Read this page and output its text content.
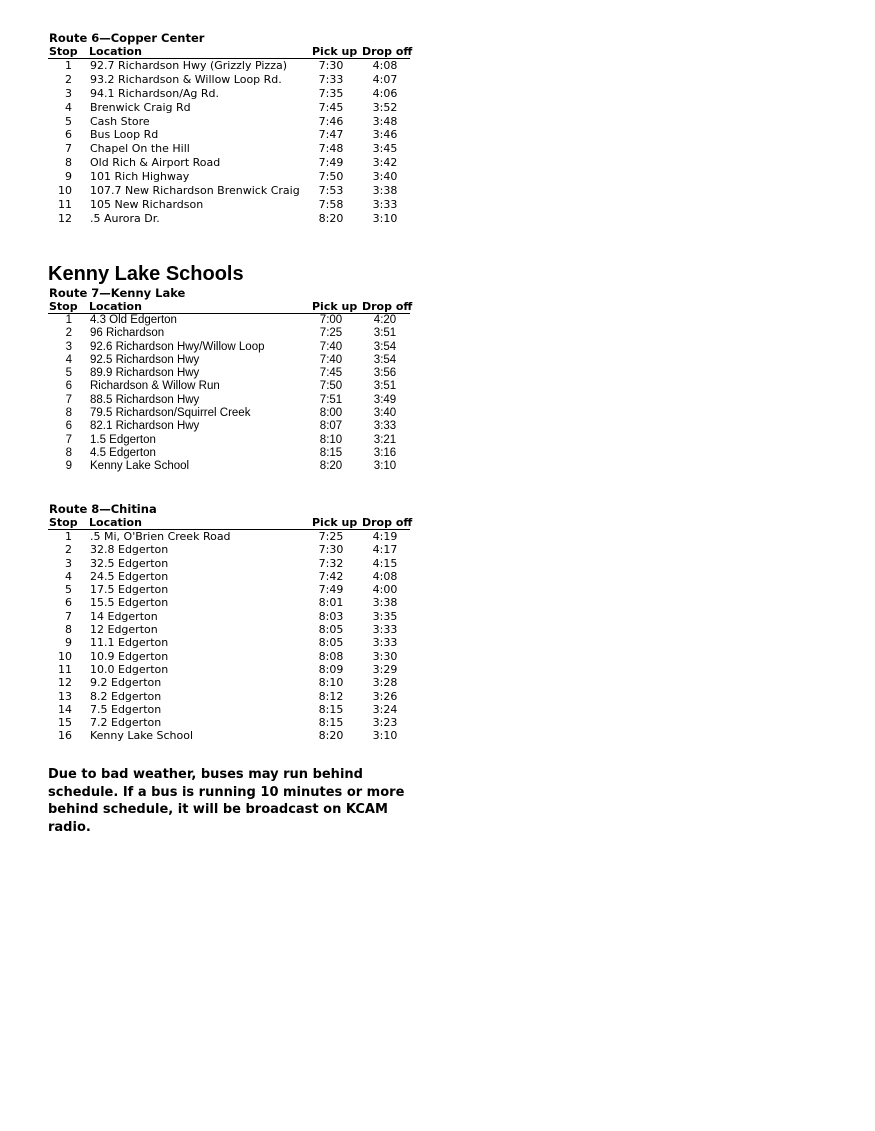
Route 6—Copper Center
Stop Location	Pick up Drop off
1 92.7 Richardson Hwy (Grizzly Pizza)	7:30	4:08
2 93.2 Richardson & Willow Loop Rd.	7:33	4:07
3 94.1 Richardson/Ag Rd.	7:35	4:06
4 Brenwick Craig Rd	7:45	3:52
5 Cash Store	7:46	3:48
6 Bus Loop Rd	7:47	3:46
7 Chapel On the Hill	7:48	3:45
8 Old Rich & Airport Road	7:49	3:42
9 101 Rich Highway	7:50	3:40
10 107.7 New Richardson Brenwick Craig	7:53	3:38
11 105 New Richardson	7:58	3:33
12 .5 Aurora Dr.	8:20	3:10
Kenny Lake Schools
Route 7—Kenny Lake
Stop Location	Pick up Drop off
1 4.3 Old Edgerton	7:00	4:20
2 96 Richardson	7:25	3:51
3 92.6 Richardson Hwy/Willow Loop	7:40	3:54
4 92.5 Richardson Hwy	7:40	3:54
5 89.9 Richardson Hwy	7:45	3:56
6 Richardson & Willow Run	7:50	3:51
7 88.5 Richardson Hwy	7:51	3:49
8 79.5 Richardson/Squirrel Creek	8:00	3:40
6 82.1 Richardson Hwy	8:07	3:33
7 1.5 Edgerton	8:10	3:21
8 4.5 Edgerton	8:15	3:16
9 Kenny Lake School	8:20	3:10
Route 8—Chitina
Stop Location	Pick up Drop off
1 .5 Mi, O'Brien Creek Road	7:25	4:19
2 32.8 Edgerton	7:30	4:17
3 32.5 Edgerton	7:32	4:15
4 24.5 Edgerton	7:42	4:08
5 17.5 Edgerton	7:49	4:00
6 15.5 Edgerton	8:01	3:38
7 14 Edgerton	8:03	3:35
8 12 Edgerton	8:05	3:33
9 11.1 Edgerton	8:05	3:33
10 10.9 Edgerton	8:08	3:30
11 10.0 Edgerton	8:09	3:29
12 9.2 Edgerton	8:10	3:28
13 8.2 Edgerton	8:12	3:26
14 7.5 Edgerton	8:15	3:24
15 7.2 Edgerton	8:15	3:23
16 Kenny Lake School	8:20	3:10
Due to bad weather, buses may run behind schedule. If a bus is running 10 minutes or more behind schedule, it will be broadcast on KCAM radio.
